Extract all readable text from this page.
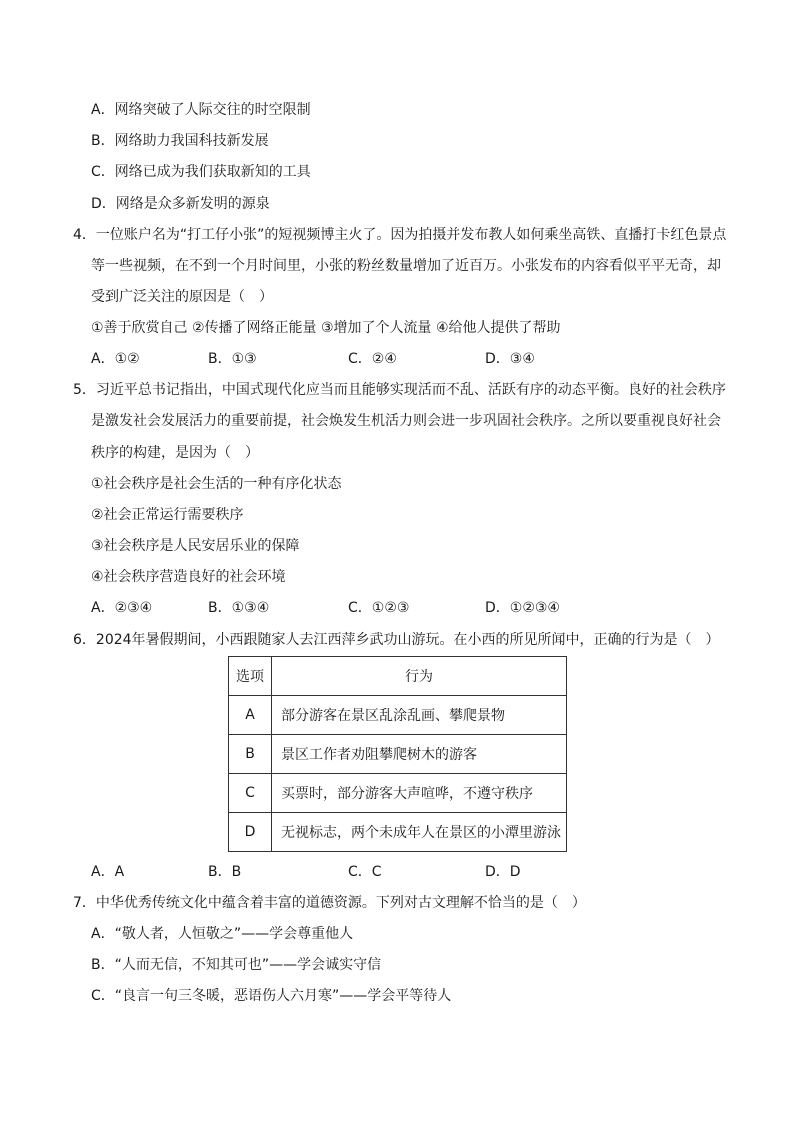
A．网络突破了人际交往的时空限制
B．网络助力我国科技新发展
C．网络已成为我们获取新知的工具
D．网络是众多新发明的源泉
4．一位账户名为“打工仔小张”的短视频博主火了。因为拍摄并发布教人如何乘坐高铁、直播打卡红色景点
等一些视频，在不到一个月时间里，小张的粉丝数量增加了近百万。小张发布的内容看似平平无奇，却
受到广泛关注的原因是（　）
①善于欣赏自己 ②传播了网络正能量 ③增加了个人流量 ④给他人提供了帮助
A．①②	B．①③	C．②④	D．③④
5．习近平总书记指出，中国式现代化应当而且能够实现活而不乱、活跃有序的动态平衡。良好的社会秩序
是激发社会发展活力的重要前提，社会焕发生机活力则会进一步巩固社会秩序。之所以要重视良好社会
秩序的构建，是因为（　）
①社会秩序是社会生活的一种有序化状态
②社会正常运行需要秩序
③社会秩序是人民安居乐业的保障
④社会秩序营造良好的社会环境
A．②③④	B．①③④	C．①②③	D．①②③④
6．2024年暑假期间，小西跟随家人去江西萍乡武功山游玩。在小西的所见所闻中，正确的行为是（　）
选项	行为
A	部分游客在景区乱涂乱画、攀爬景物
B	景区工作者劝阻攀爬树木的游客
C	买票时，部分游客大声喧哗，不遵守秩序
D	无视标志，两个未成年人在景区的小潭里游泳
A．A	B．B	C．C	D．D
7．中华优秀传统文化中蕴含着丰富的道德资源。下列对古文理解不恰当的是（　）
A．“敬人者，人恒敬之”——学会尊重他人
B．“人而无信，不知其可也”——学会诚实守信
C．“良言一句三冬暖，恶语伤人六月寒”——学会平等待人
